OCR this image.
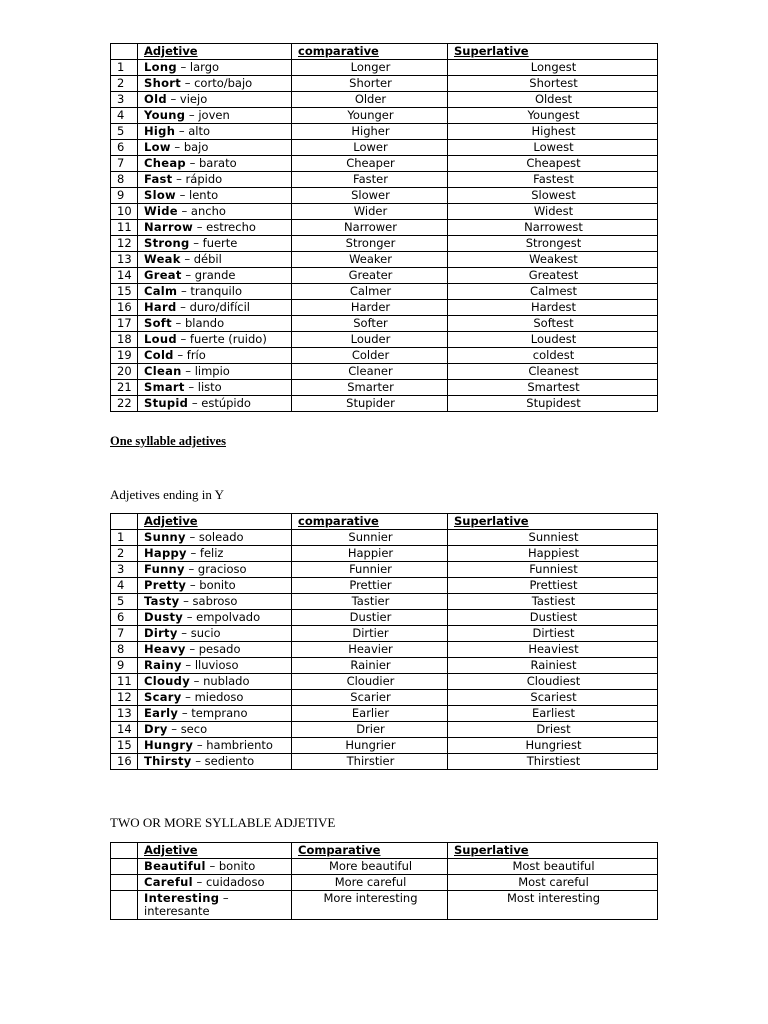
	Adjetive	comparative	Superlative
1	Long – largo	Longer	Longest
2	Short – corto/bajo	Shorter	Shortest
3	Old – viejo	Older	Oldest
4	Young – joven	Younger	Youngest
5	High – alto	Higher	Highest
6	Low – bajo	Lower	Lowest
7	Cheap – barato	Cheaper	Cheapest
8	Fast – rápido	Faster	Fastest
9	Slow – lento	Slower	Slowest
10	Wide – ancho	Wider	Widest
11	Narrow – estrecho	Narrower	Narrowest
12	Strong – fuerte	Stronger	Strongest
13	Weak – débil	Weaker	Weakest
14	Great – grande	Greater	Greatest
15	Calm – tranquilo	Calmer	Calmest
16	Hard – duro/difícil	Harder	Hardest
17	Soft – blando	Softer	Softest
18	Loud – fuerte (ruido)	Louder	Loudest
19	Cold – frío	Colder	coldest
20	Clean – limpio	Cleaner	Cleanest
21	Smart – listo	Smarter	Smartest
22	Stupid – estúpido	Stupider	Stupidest
One syllable adjetives
Adjetives ending in Y
	Adjetive	comparative	Superlative
1	Sunny – soleado	Sunnier	Sunniest
2	Happy – feliz	Happier	Happiest
3	Funny – gracioso	Funnier	Funniest
4	Pretty – bonito	Prettier	Prettiest
5	Tasty – sabroso	Tastier	Tastiest
6	Dusty – empolvado	Dustier	Dustiest
7	Dirty – sucio	Dirtier	Dirtiest
8	Heavy – pesado	Heavier	Heaviest
9	Rainy – lluvioso	Rainier	Rainiest
11	Cloudy – nublado	Cloudier	Cloudiest
12	Scary – miedoso	Scarier	Scariest
13	Early – temprano	Earlier	Earliest
14	Dry – seco	Drier	Driest
15	Hungry – hambriento	Hungrier	Hungriest
16	Thirsty – sediento	Thirstier	Thirstiest
TWO OR MORE SYLLABLE ADJETIVE
	Adjetive	Comparative	Superlative
	Beautiful – bonito	More beautiful	Most beautiful
	Careful – cuidadoso	More careful	Most careful
	Interesting – interesante	More interesting	Most interesting
